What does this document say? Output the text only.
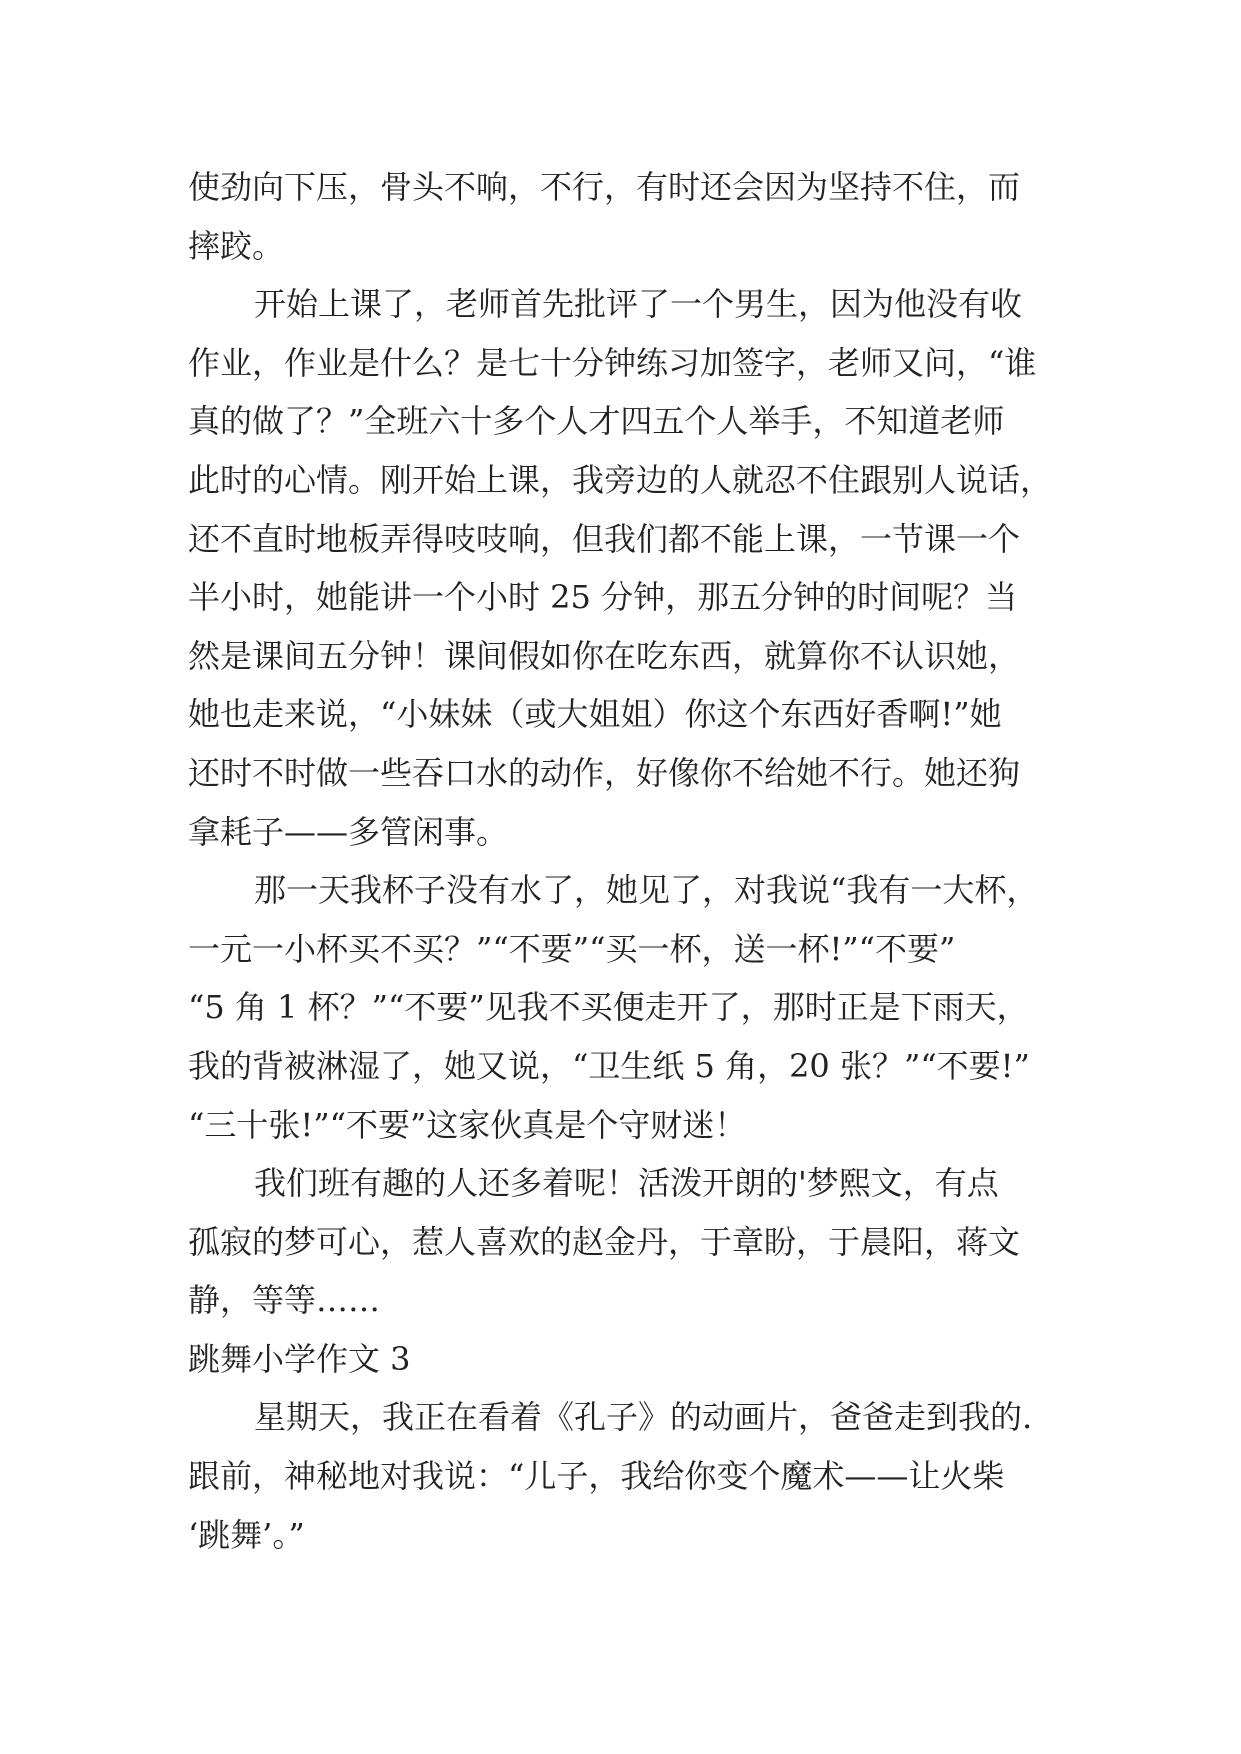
使劲向下压，骨头不响，不行，有时还会因为坚持不住，而
摔跤。
开始上课了，老师首先批评了一个男生，因为他没有收
作业，作业是什么？是七十分钟练习加签字，老师又问，“谁
真的做了？”全班六十多个人才四五个人举手，不知道老师
此时的心情。刚开始上课，我旁边的人就忍不住跟别人说话，
还不直时地板弄得吱吱响，但我们都不能上课，一节课一个
半小时，她能讲一个小时 25 分钟，那五分钟的时间呢？当
然是课间五分钟！课间假如你在吃东西，就算你不认识她，
她也走来说，“小妹妹（或大姐姐）你这个东西好香啊!”她
还时不时做一些吞口水的动作，好像你不给她不行。她还狗
拿耗子——多管闲事。
那一天我杯子没有水了，她见了，对我说“我有一大杯，
一元一小杯买不买？”“不要”“买一杯，送一杯!”“不要”
“5 角 1 杯？”“不要”见我不买便走开了，那时正是下雨天，
我的背被淋湿了，她又说，“卫生纸 5 角，20 张？”“不要!”
“三十张!”“不要”这家伙真是个守财迷！
我们班有趣的人还多着呢！活泼开朗的'梦熙文，有点
孤寂的梦可心，惹人喜欢的赵金丹，于章盼，于晨阳，蒋文
静，等等……
跳舞小学作文 3
星期天，我正在看着《孔子》的动画片，爸爸走到我的.
跟前，神秘地对我说：“儿子，我给你变个魔术——让火柴
‘跳舞’。”
